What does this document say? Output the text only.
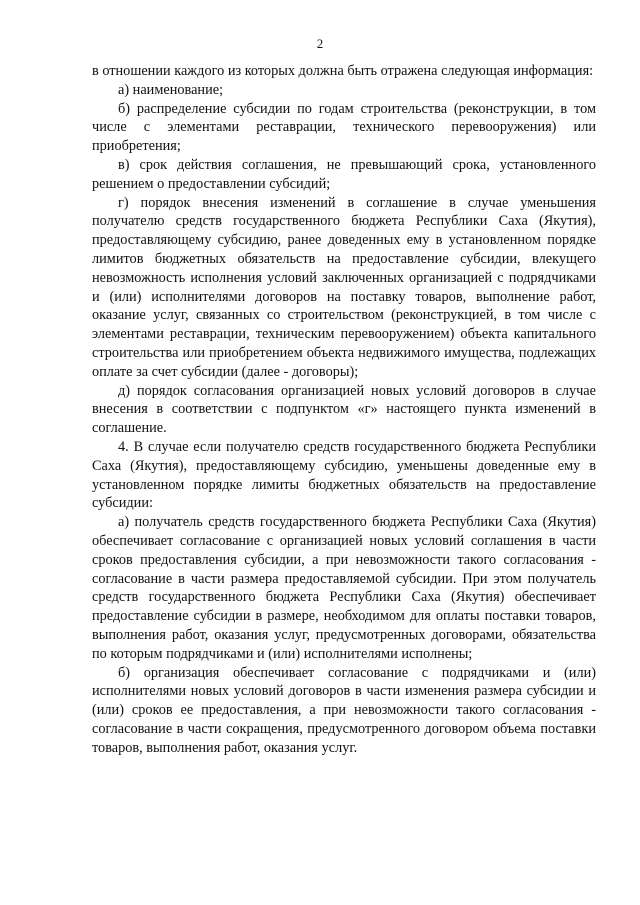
2

в отношении каждого из которых должна быть отражена следующая информация:

а) наименование;

б) распределение субсидии по годам строительства (реконструкции, в том числе с элементами реставрации, технического перевооружения) или приобретения;

в) срок действия соглашения, не превышающий срока, установленного решением о предоставлении субсидий;

г) порядок внесения изменений в соглашение в случае уменьшения получателю средств государственного бюджета Республики Саха (Якутия), предоставляющему субсидию, ранее доведенных ему в установленном порядке лимитов бюджетных обязательств на предоставление субсидии, влекущего невозможность исполнения условий заключенных организацией с подрядчиками и (или) исполнителями договоров на поставку товаров, выполнение работ, оказание услуг, связанных со строительством (реконструкцией, в том числе с элементами реставрации, техническим перевооружением) объекта капитального строительства или приобретением объекта недвижимого имущества, подлежащих оплате за счет субсидии (далее - договоры);

д) порядок согласования организацией новых условий договоров в случае внесения в соответствии с подпунктом «г» настоящего пункта изменений в соглашение.

4. В случае если получателю средств государственного бюджета Республики Саха (Якутия), предоставляющему субсидию, уменьшены доведенные ему в установленном порядке лимиты бюджетных обязательств на предоставление субсидии:

а) получатель средств государственного бюджета Республики Саха (Якутия) обеспечивает согласование с организацией новых условий соглашения в части сроков предоставления субсидии, а при невозможности такого согласования - согласование в части размера предоставляемой субсидии. При этом получатель средств государственного бюджета Республики Саха (Якутия) обеспечивает предоставление субсидии в размере, необходимом для оплаты поставки товаров, выполнения работ, оказания услуг, предусмотренных договорами, обязательства по которым подрядчиками и (или) исполнителями исполнены;

б) организация обеспечивает согласование с подрядчиками и (или) исполнителями новых условий договоров в части изменения размера субсидии и (или) сроков ее предоставления, а при невозможности такого согласования - согласование в части сокращения, предусмотренного договором объема поставки товаров, выполнения работ, оказания услуг.
